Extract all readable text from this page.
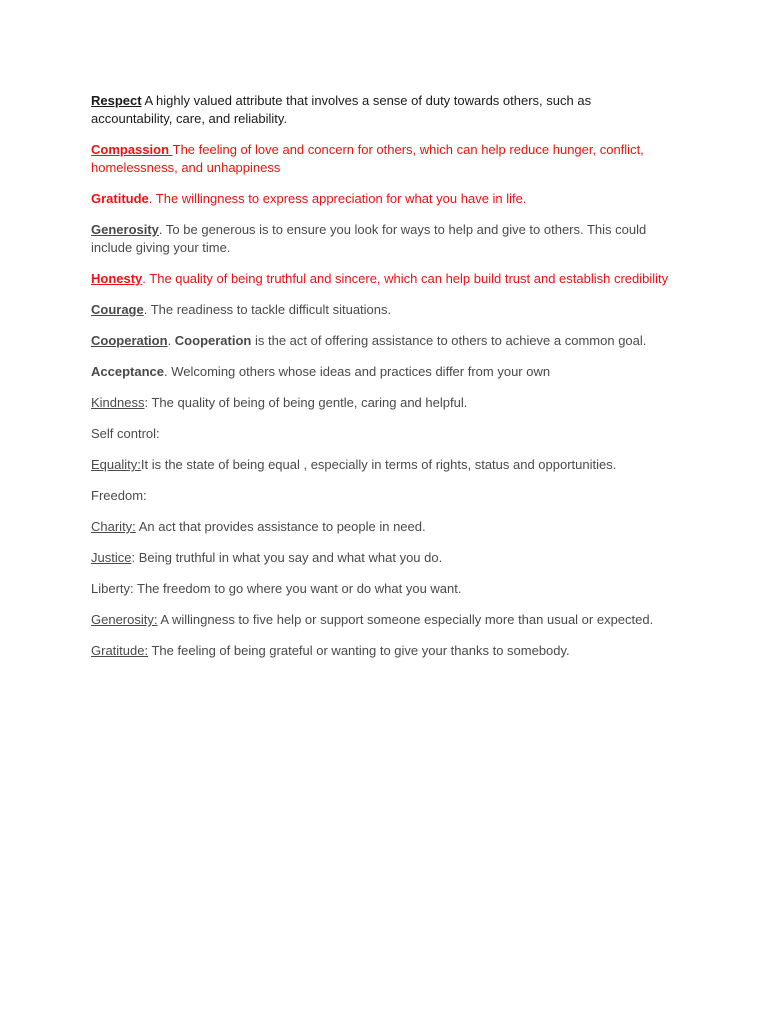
Respect A highly valued attribute that involves a sense of duty towards others, such as accountability, care, and reliability.

Compassion The feeling of love and concern for others, which can help reduce hunger, conflict, homelessness, and unhappiness

Gratitude. The willingness to express appreciation for what you have in life.

Generosity. To be generous is to ensure you look for ways to help and give to others. This could include giving your time.

Honesty. The quality of being truthful and sincere, which can help build trust and establish credibility

Courage. The readiness to tackle difficult situations.

Cooperation. Cooperation is the act of offering assistance to others to achieve a common goal.

Acceptance. Welcoming others whose ideas and practices differ from your own

Kindness: The quality of being of being gentle, caring and helpful.

Self control:

Equality:It is the state of being equal , especially in terms of rights, status and opportunities.

Freedom:

Charity: An act that provides assistance to people in need.

Justice: Being truthful in what you say and what what you do.

Liberty: The freedom to go where you want or do what you want.

Generosity: A willingness to five help or support someone especially more than usual or expected.

Gratitude: The feeling of being grateful or wanting to give your thanks to somebody.
